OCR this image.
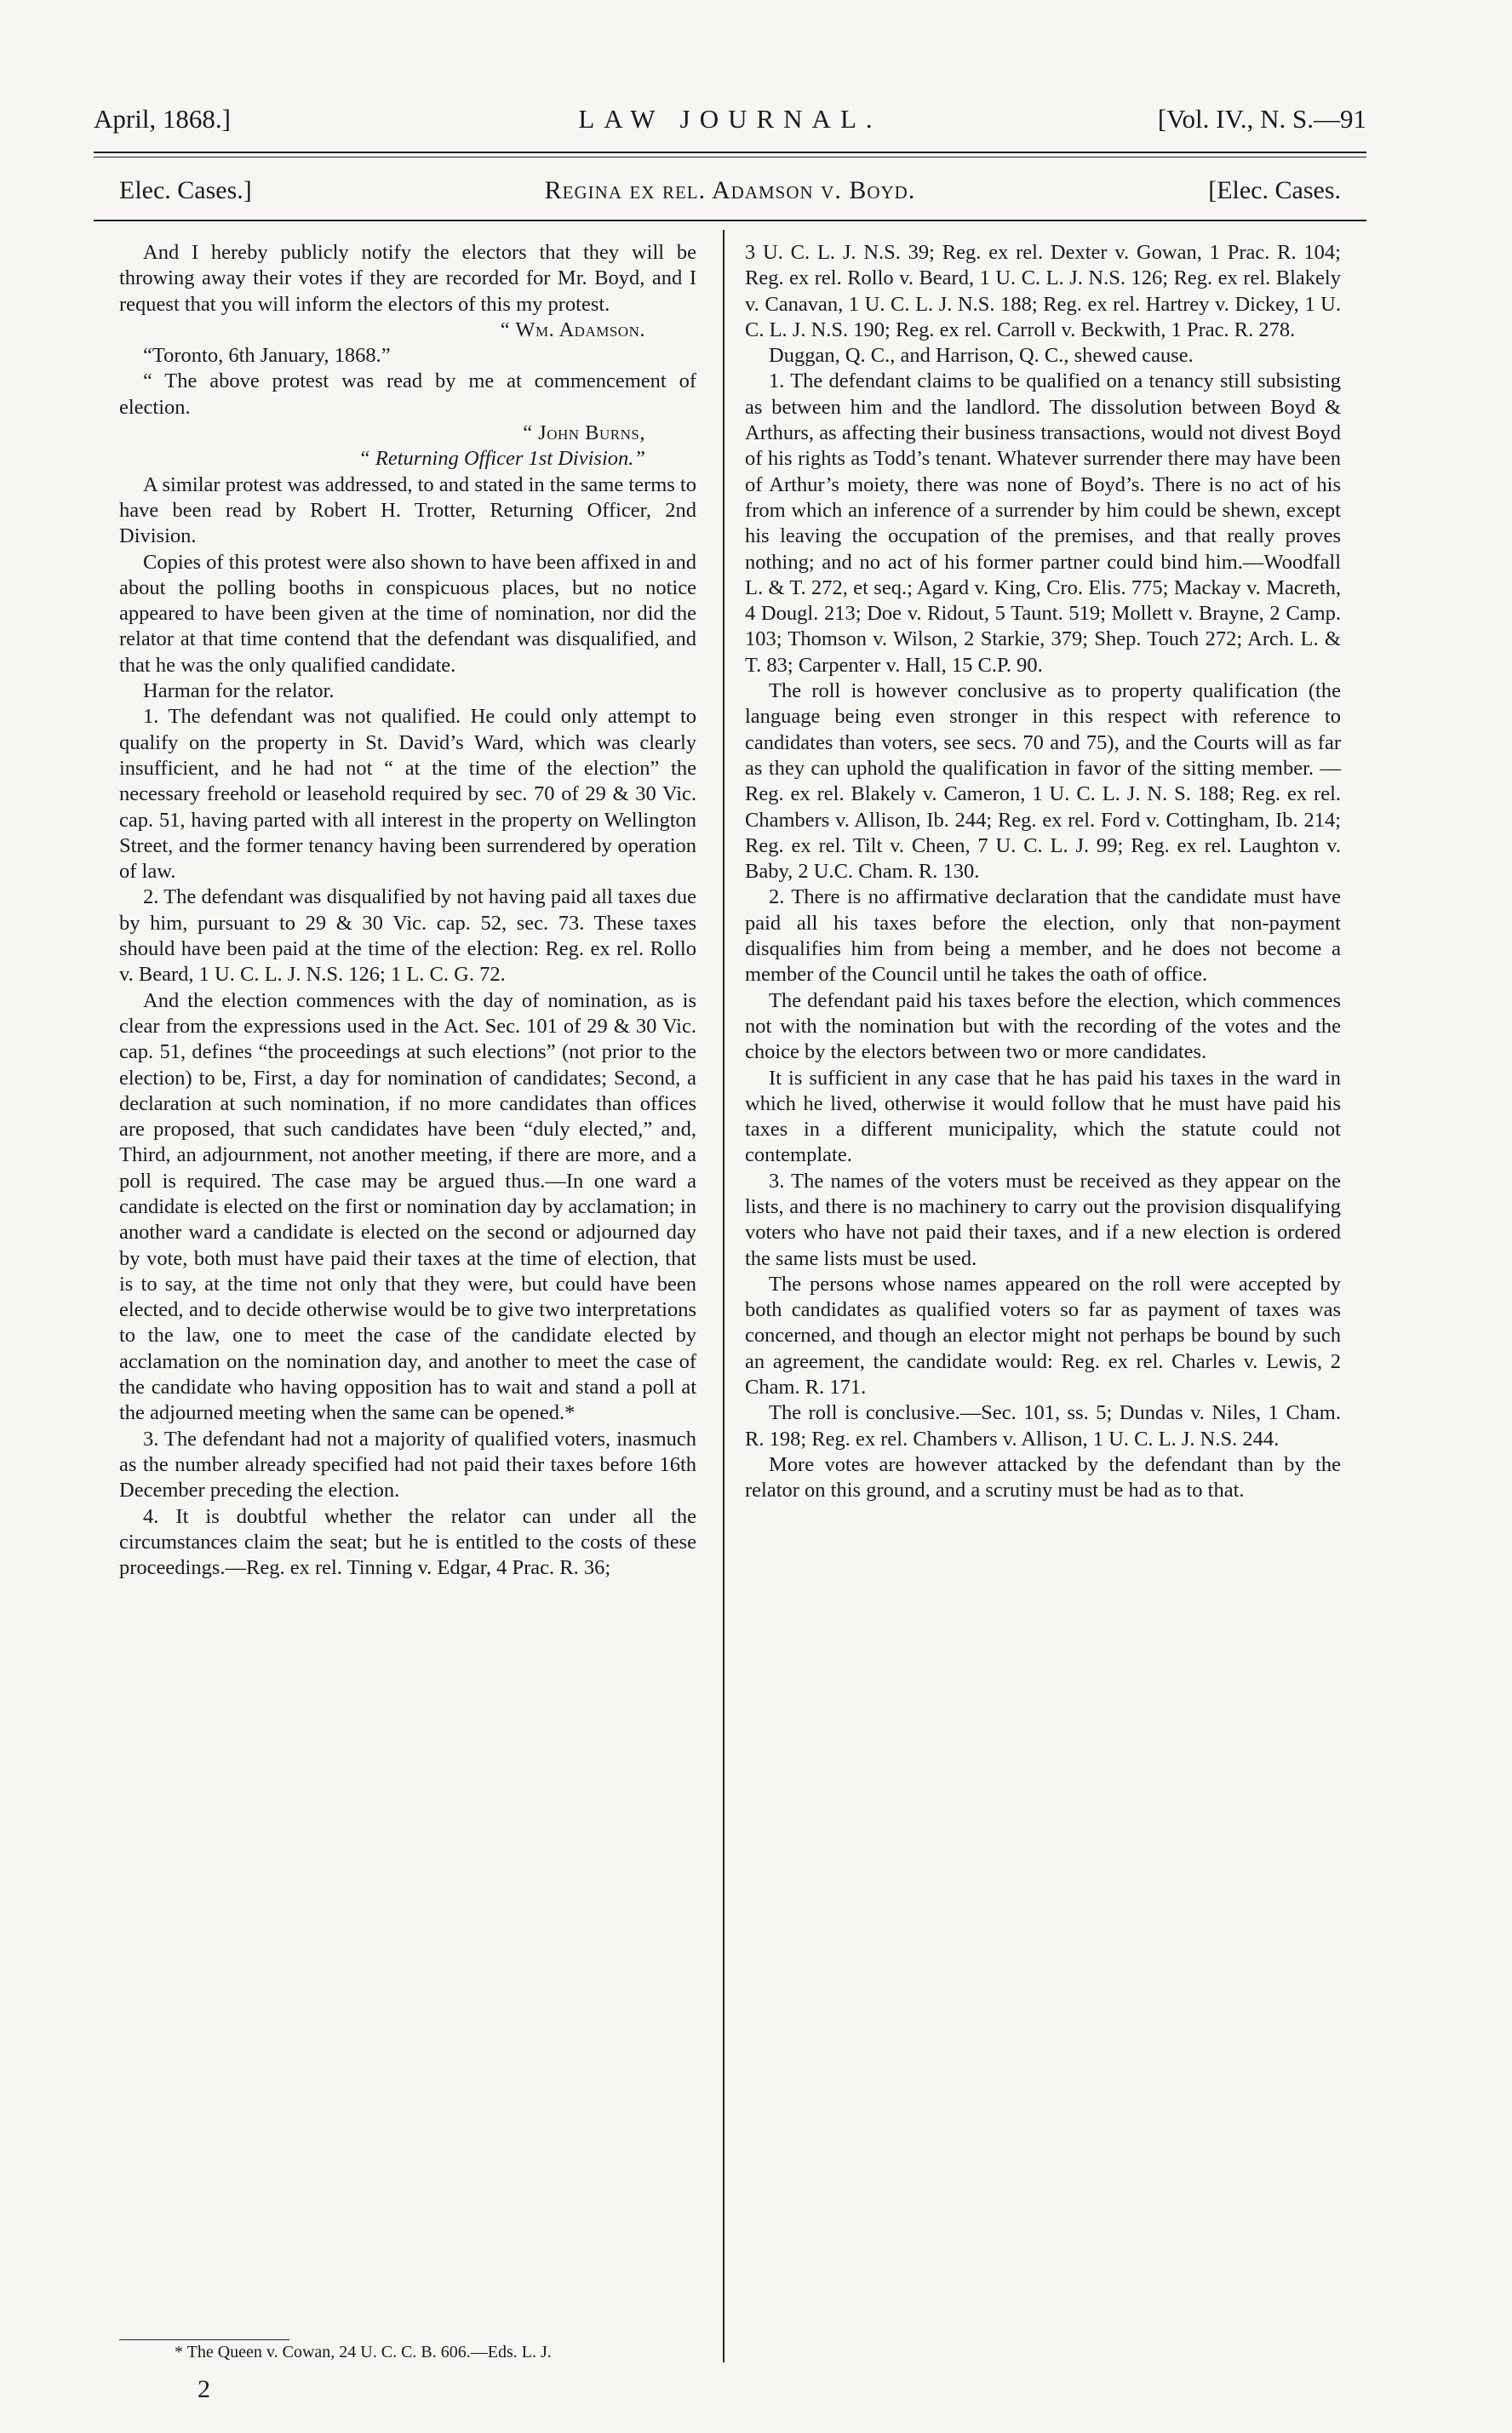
April, 1868.]	LAW JOURNAL.	[Vol. IV., N. S.—91
Elec. Cases.]	Regina ex rel. Adamson v. Boyd.	[Elec. Cases.

And I hereby publicly notify the electors that they will be throwing away their votes if they are recorded for Mr. Boyd, and I request that you will inform the electors of this my protest.

“ Wm. Adamson.

“Toronto, 6th January, 1868.”

“ The above protest was read by me at commencement of election.

“ John Burns,

“ Returning Officer 1st Division.”

A similar protest was addressed, to and stated in the same terms to have been read by Robert H. Trotter, Returning Officer, 2nd Division.

Copies of this protest were also shown to have been affixed in and about the polling booths in conspicuous places, but no notice appeared to have been given at the time of nomination, nor did the relator at that time contend that the defendant was disqualified, and that he was the only qualified candidate.

Harman for the relator.

1. The defendant was not qualified. He could only attempt to qualify on the property in St. David’s Ward, which was clearly insufficient, and he had not “ at the time of the election” the necessary freehold or leasehold required by sec. 70 of 29 & 30 Vic. cap. 51, having parted with all interest in the property on Wellington Street, and the former tenancy having been surrendered by operation of law.

2. The defendant was disqualified by not having paid all taxes due by him, pursuant to 29 & 30 Vic. cap. 52, sec. 73. These taxes should have been paid at the time of the election: Reg. ex rel. Rollo v. Beard, 1 U. C. L. J. N.S. 126; 1 L. C. G. 72.

And the election commences with the day of nomination, as is clear from the expressions used in the Act. Sec. 101 of 29 & 30 Vic. cap. 51, defines “the proceedings at such elections” (not prior to the election) to be, First, a day for nomination of candidates; Second, a declaration at such nomination, if no more candidates than offices are proposed, that such candidates have been “duly elected,” and, Third, an adjournment, not another meeting, if there are more, and a poll is required. The case may be argued thus.—In one ward a candidate is elected on the first or nomination day by acclamation; in another ward a candidate is elected on the second or adjourned day by vote, both must have paid their taxes at the time of election, that is to say, at the time not only that they were, but could have been elected, and to decide otherwise would be to give two interpretations to the law, one to meet the case of the candidate elected by acclamation on the nomination day, and another to meet the case of the candidate who having opposition has to wait and stand a poll at the adjourned meeting when the same can be opened.*

3. The defendant had not a majority of qualified voters, inasmuch as the number already specified had not paid their taxes before 16th December preceding the election.

4. It is doubtful whether the relator can under all the circumstances claim the seat; but he is entitled to the costs of these proceedings.—Reg. ex rel. Tinning v. Edgar, 4 Prac. R. 36;

3 U. C. L. J. N.S. 39; Reg. ex rel. Dexter v. Gowan, 1 Prac. R. 104; Reg. ex rel. Rollo v. Beard, 1 U. C. L. J. N.S. 126; Reg. ex rel. Blakely v. Canavan, 1 U. C. L. J. N.S. 188; Reg. ex rel. Hartrey v. Dickey, 1 U. C. L. J. N.S. 190; Reg. ex rel. Carroll v. Beckwith, 1 Prac. R. 278.

Duggan, Q. C., and Harrison, Q. C., shewed cause.

1. The defendant claims to be qualified on a tenancy still subsisting as between him and the landlord. The dissolution between Boyd & Arthurs, as affecting their business transactions, would not divest Boyd of his rights as Todd’s tenant. Whatever surrender there may have been of Arthur’s moiety, there was none of Boyd’s. There is no act of his from which an inference of a surrender by him could be shewn, except his leaving the occupation of the premises, and that really proves nothing; and no act of his former partner could bind him.—Woodfall L. & T. 272, et seq.; Agard v. King, Cro. Elis. 775; Mackay v. Macreth, 4 Dougl. 213; Doe v. Ridout, 5 Taunt. 519; Mollett v. Brayne, 2 Camp. 103; Thomson v. Wilson, 2 Starkie, 379; Shep. Touch 272; Arch. L. & T. 83; Carpenter v. Hall, 15 C.P. 90.

The roll is however conclusive as to property qualification (the language being even stronger in this respect with reference to candidates than voters, see secs. 70 and 75), and the Courts will as far as they can uphold the qualification in favor of the sitting member. — Reg. ex rel. Blakely v. Cameron, 1 U. C. L. J. N. S. 188; Reg. ex rel. Chambers v. Allison, Ib. 244; Reg. ex rel. Ford v. Cottingham, Ib. 214; Reg. ex rel. Tilt v. Cheen, 7 U. C. L. J. 99; Reg. ex rel. Laughton v. Baby, 2 U.C. Cham. R. 130.

2. There is no affirmative declaration that the candidate must have paid all his taxes before the election, only that non-payment disqualifies him from being a member, and he does not become a member of the Council until he takes the oath of office.

The defendant paid his taxes before the election, which commences not with the nomination but with the recording of the votes and the choice by the electors between two or more candidates.

It is sufficient in any case that he has paid his taxes in the ward in which he lived, otherwise it would follow that he must have paid his taxes in a different municipality, which the statute could not contemplate.

3. The names of the voters must be received as they appear on the lists, and there is no machinery to carry out the provision disqualifying voters who have not paid their taxes, and if a new election is ordered the same lists must be used.

The persons whose names appeared on the roll were accepted by both candidates as qualified voters so far as payment of taxes was concerned, and though an elector might not perhaps be bound by such an agreement, the candidate would: Reg. ex rel. Charles v. Lewis, 2 Cham. R. 171.

The roll is conclusive.—Sec. 101, ss. 5; Dundas v. Niles, 1 Cham. R. 198; Reg. ex rel. Chambers v. Allison, 1 U. C. L. J. N.S. 244.

More votes are however attacked by the defendant than by the relator on this ground, and a scrutiny must be had as to that.

* The Queen v. Cowan, 24 U. C. C. B. 606.—Eds. L. J.
2
